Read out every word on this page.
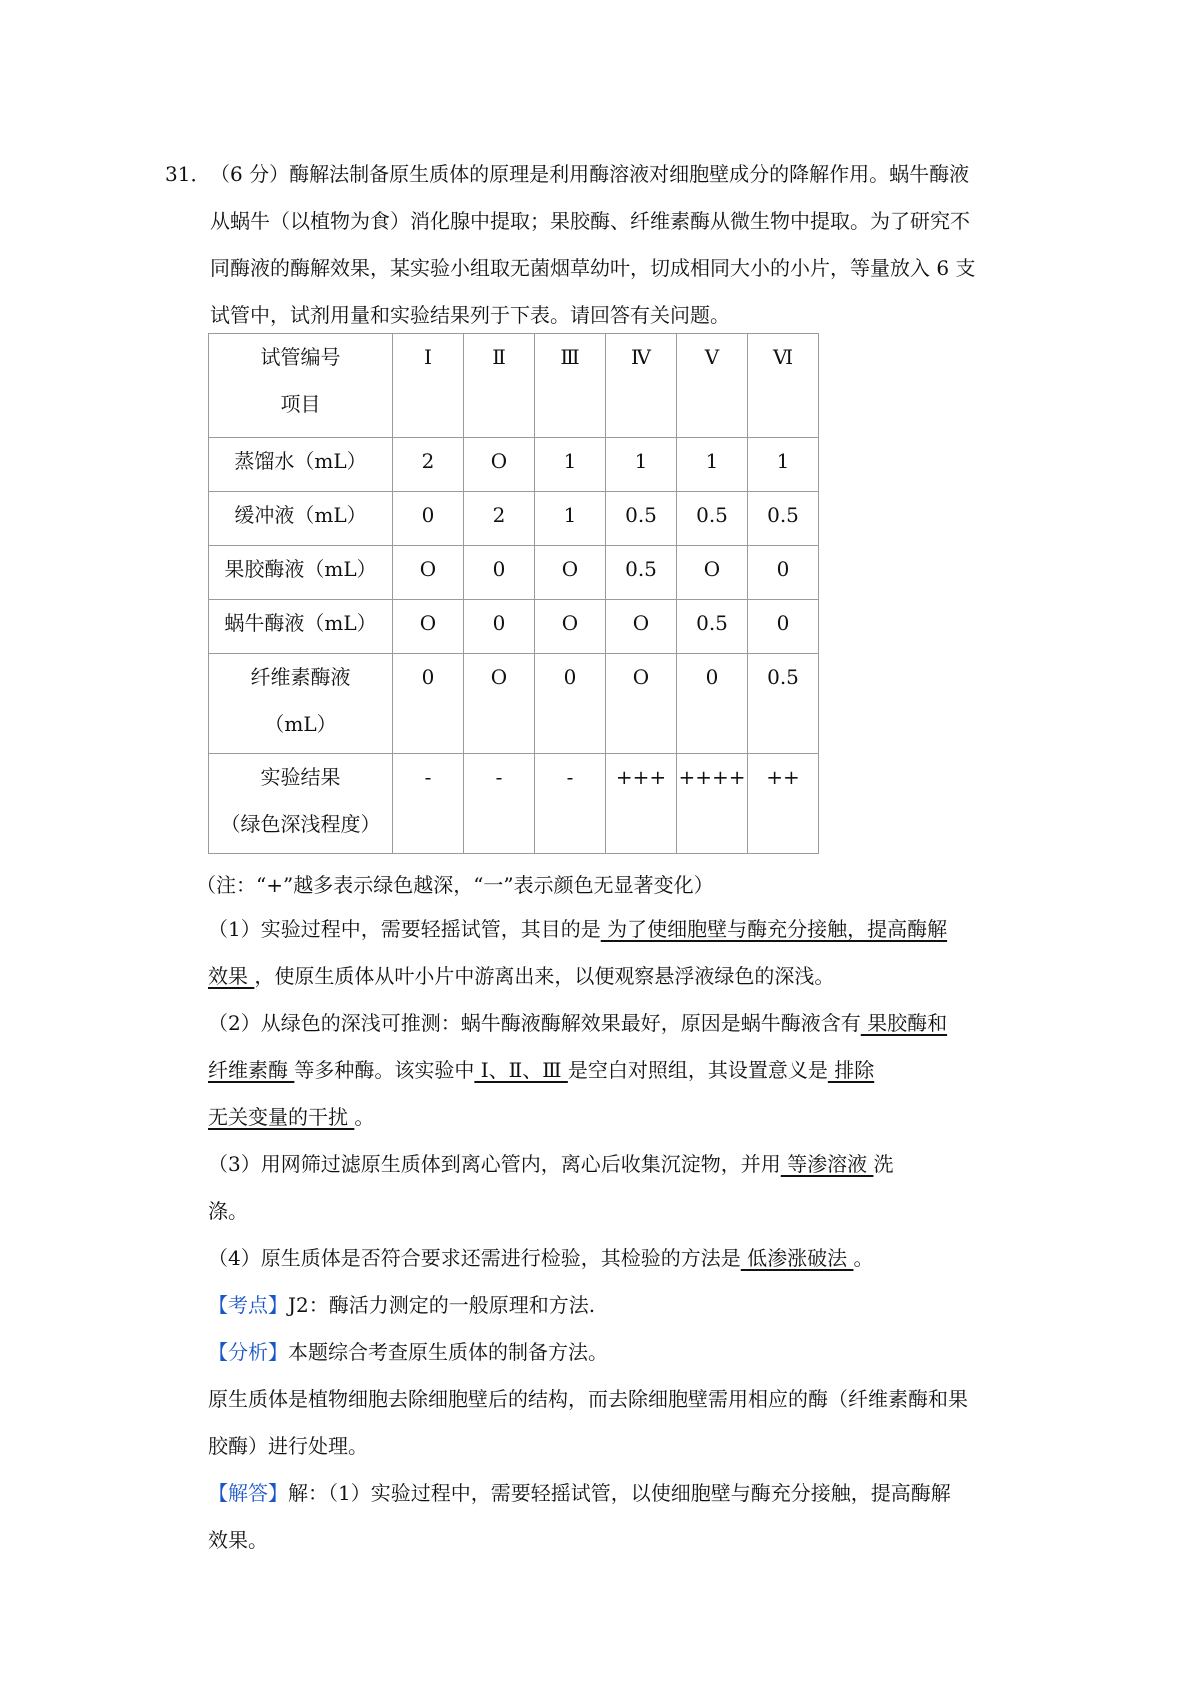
31．（6 分）酶解法制备原生质体的原理是利用酶溶液对细胞壁成分的降解作用。蜗牛酶液
从蜗牛（以植物为食）消化腺中提取；果胶酶、纤维素酶从微生物中提取。为了研究不
同酶液的酶解效果，某实验小组取无菌烟草幼叶，切成相同大小的小片，等量放入 6 支
试管中，试剂用量和实验结果列于下表。请回答有关问题。
试管编号
项目	Ⅰ	Ⅱ	Ⅲ	Ⅳ	Ⅴ	Ⅵ

蒸馏水（mL）	2	O	1	1	1	1

缓冲液（mL）	0	2	1	0.5	0.5	0.5

果胶酶液（mL）	O	0	O	0.5	O	0

蜗牛酶液（mL）	O	0	O	O	0.5	0

纤维素酶液
（mL）	0	O	0	O	0	0.5

实验结果
（绿色深浅程度）	-	-	-	+++	++++	++
（注：“+”越多表示绿色越深，“一”表示颜色无显著变化）
（1）实验过程中，需要轻摇试管，其目的是 为了使细胞壁与酶充分接触，提高酶解
效果 ，使原生质体从叶小片中游离出来，以便观察悬浮液绿色的深浅。
（2）从绿色的深浅可推测：蜗牛酶液酶解效果最好，原因是蜗牛酶液含有 果胶酶和
纤维素酶 等多种酶。该实验中 Ⅰ、Ⅱ、Ⅲ 是空白对照组，其设置意义是 排除
无关变量的干扰 。
（3）用网筛过滤原生质体到离心管内，离心后收集沉淀物，并用 等渗溶液 洗
涤。
（4）原生质体是否符合要求还需进行检验，其检验的方法是 低渗涨破法 。
【考点】J2：酶活力测定的一般原理和方法.
【分析】本题综合考查原生质体的制备方法。
原生质体是植物细胞去除细胞壁后的结构，而去除细胞壁需用相应的酶（纤维素酶和果
胶酶）进行处理。
【解答】解：（1）实验过程中，需要轻摇试管，以使细胞壁与酶充分接触，提高酶解
效果。
